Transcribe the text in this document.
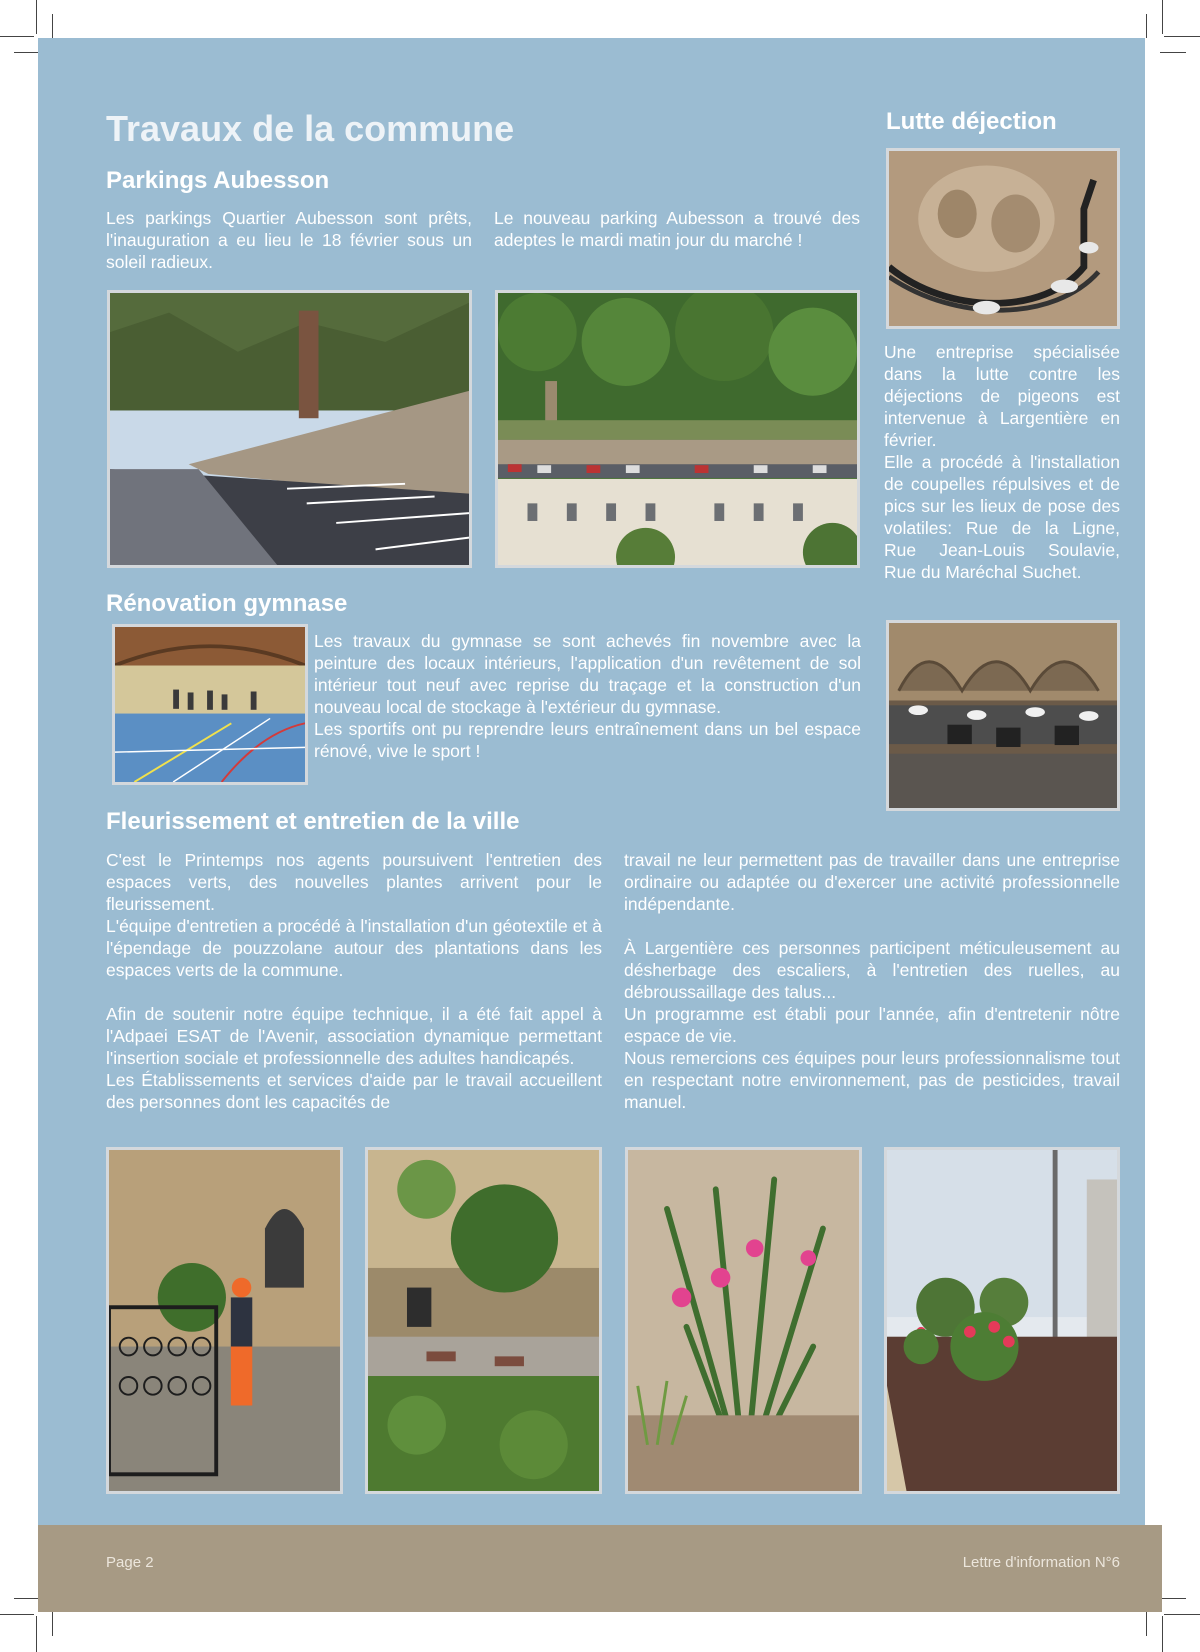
Travaux de la commune
Parkings Aubesson

Les parkings Quartier Aubesson sont prêts, l'inauguration a eu lieu le 18 février sous un soleil radieux.

Le nouveau parking Aubesson a trouvé des adeptes le mardi matin jour du marché !

Lutte déjection

Une entreprise spécialisée dans la lutte contre les déjections de pigeons est intervenue à Largentière en février.
Elle a procédé à l'installation de coupelles répulsives et de pics sur les lieux de pose des volatiles: Rue de la Ligne, Rue Jean-Louis Soulavie, Rue du Maréchal Suchet.

Rénovation gymnase

Les travaux du gymnase se sont achevés fin novembre avec la peinture des locaux intérieurs, l'application d'un revêtement de sol intérieur tout neuf avec reprise du traçage et la construction d'un nouveau local de stockage à l'extérieur du gymnase.
Les sportifs ont pu reprendre leurs entraînement dans un bel espace rénové, vive le sport !

Fleurissement et entretien de la ville

C'est le Printemps nos agents poursuivent l'entretien des espaces verts, des nouvelles plantes arrivent pour le fleurissement.
L'équipe d'entretien a procédé à l'installation d'un géotextile et à l'épendage de pouzzolane autour des plantations dans les espaces verts de la commune.

Afin de soutenir notre équipe technique, il a été fait appel à l'Adpaei ESAT de l'Avenir, association dynamique permettant l'insertion sociale et professionnelle des adultes handicapés.
Les Établissements et services d'aide par le travail accueillent des personnes dont les capacités de

travail ne leur permettent pas de travailler dans une entreprise ordinaire ou adaptée ou d'exercer une activité professionnelle indépendante.

À Largentière ces personnes participent méticuleusement au désherbage des escaliers, à l'entretien des ruelles, au débroussaillage des talus...
Un programme est établi pour l'année, afin d'entretenir nôtre espace de vie.
Nous remercions ces équipes pour leurs professionnalisme tout en respectant notre environnement, pas de pesticides, travail manuel.

Page 2	Lettre d'information N°6
